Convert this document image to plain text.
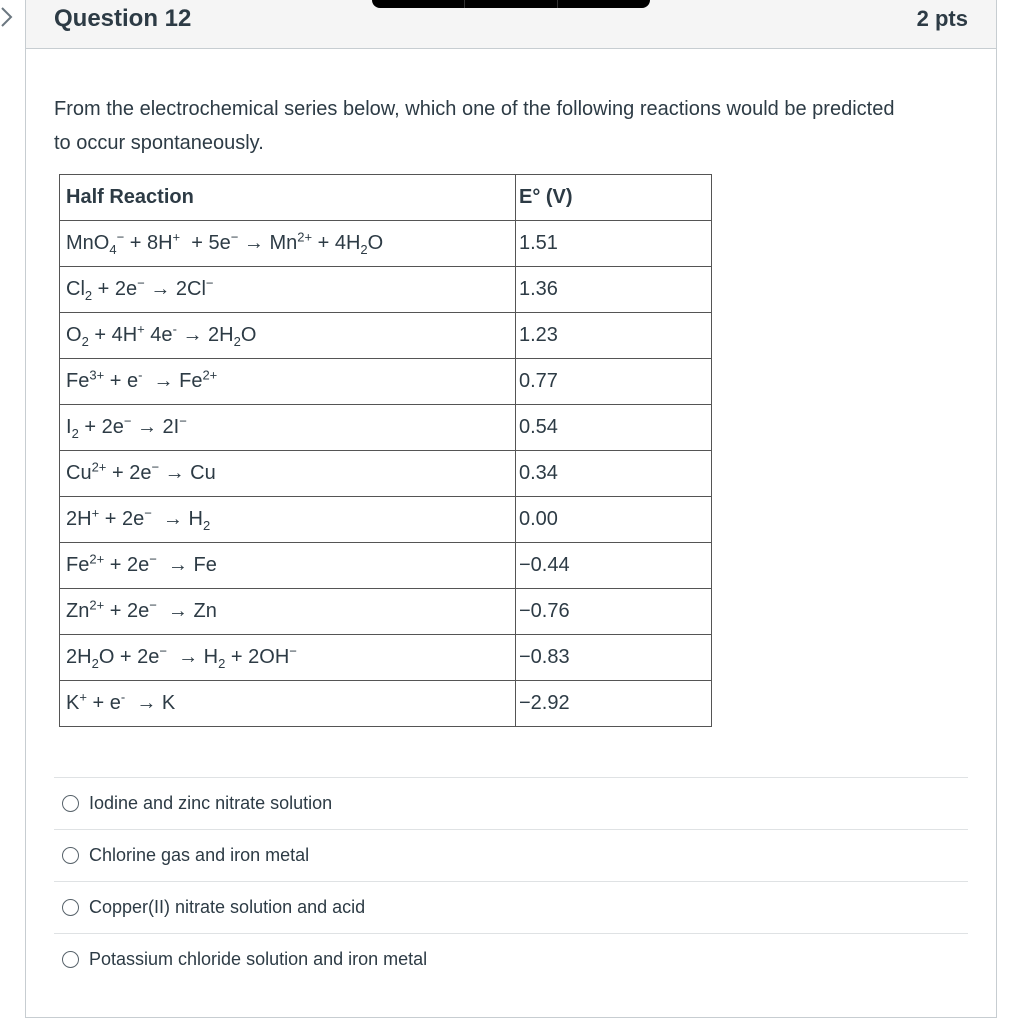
Question 12	2 pts
From the electrochemical series below, which one of the following reactions would be predicted to occur spontaneously.
Half Reaction	E° (V)
$MnO_4^- + 8H^+ + 5e^- \to Mn^{2+} + 4H_2O$	1.51
$Cl_2 + 2e^- \to 2Cl^-$	1.36
$O_2 + 4H^+$ $4e^- \to 2H_2O$	1.23
$Fe^{3+} + e^- \to Fe^{2+}$	0.77
$I_2 + 2e^- \to 2I^-$	0.54
$Cu^{2+} + 2e^- \to Cu$	0.34
$2H^+ + 2e^- \to H_2$	0.00
$Fe^{2+} + 2e^- \to Fe$	−0.44
$Zn^{2+} + 2e^- \to Zn$	−0.76
$2H_2O + 2e^- \to H_2 + 2OH^-$	−0.83
K+ + e-  → K	−2.92
Iodine and zinc nitrate solution
Chlorine gas and iron metal
Copper(II) nitrate solution and acid
Potassium chloride solution and iron metal
